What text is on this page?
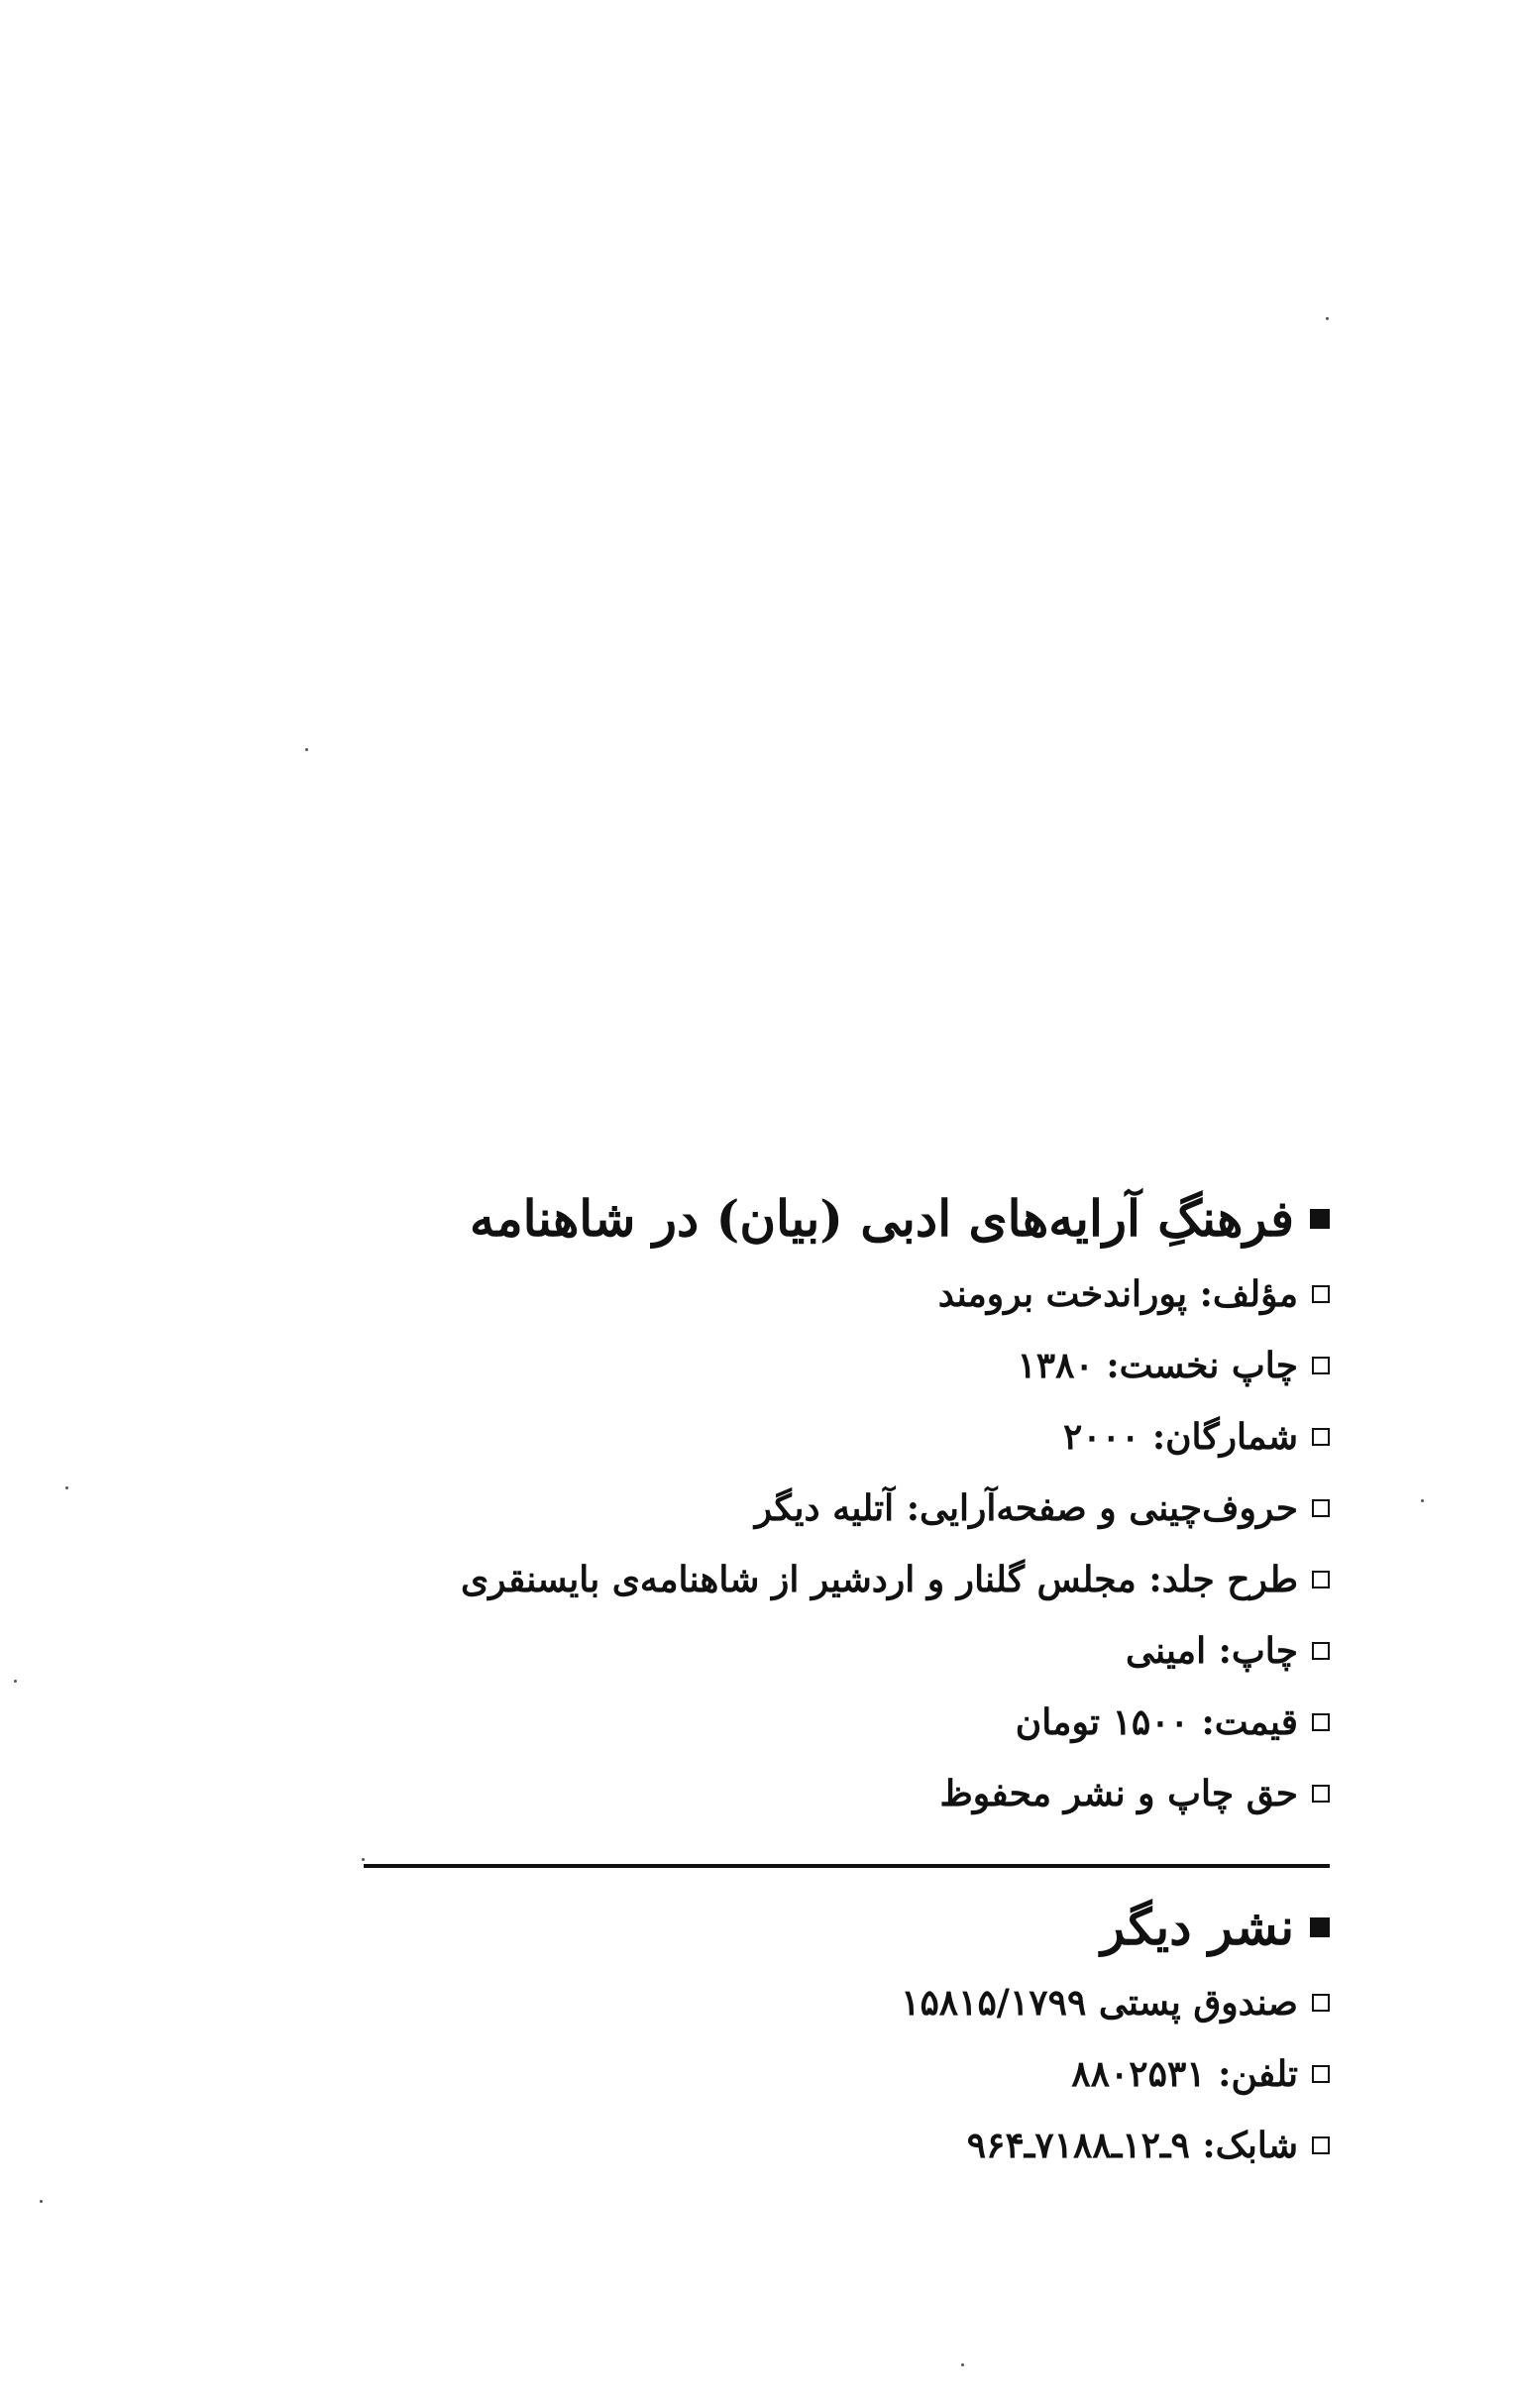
فرهنگِ آرایه‌های ادبی (بیان) در شاهنامه
مؤلف: پوراندخت برومند
چاپ نخست: ۱۳۸۰
شمارگان: ۲۰۰۰
حروف‌چینی و صفحه‌آرایی: آتلیه دیگر
طرح جلد: مجلس گلنار و اردشیر از شاهنامه‌ی بایسنقری
چاپ: امینی
قیمت: ۱۵۰۰ تومان
حق چاپ و نشر محفوظ
نشر دیگر
صندوق پستی ۱۵۸۱۵/۱۷۹۹
تلفن: ۸۸۰۲۵۳۱
شابک: ۹ـ۱۲ـ۷۱۸۸ـ۹۶۴
